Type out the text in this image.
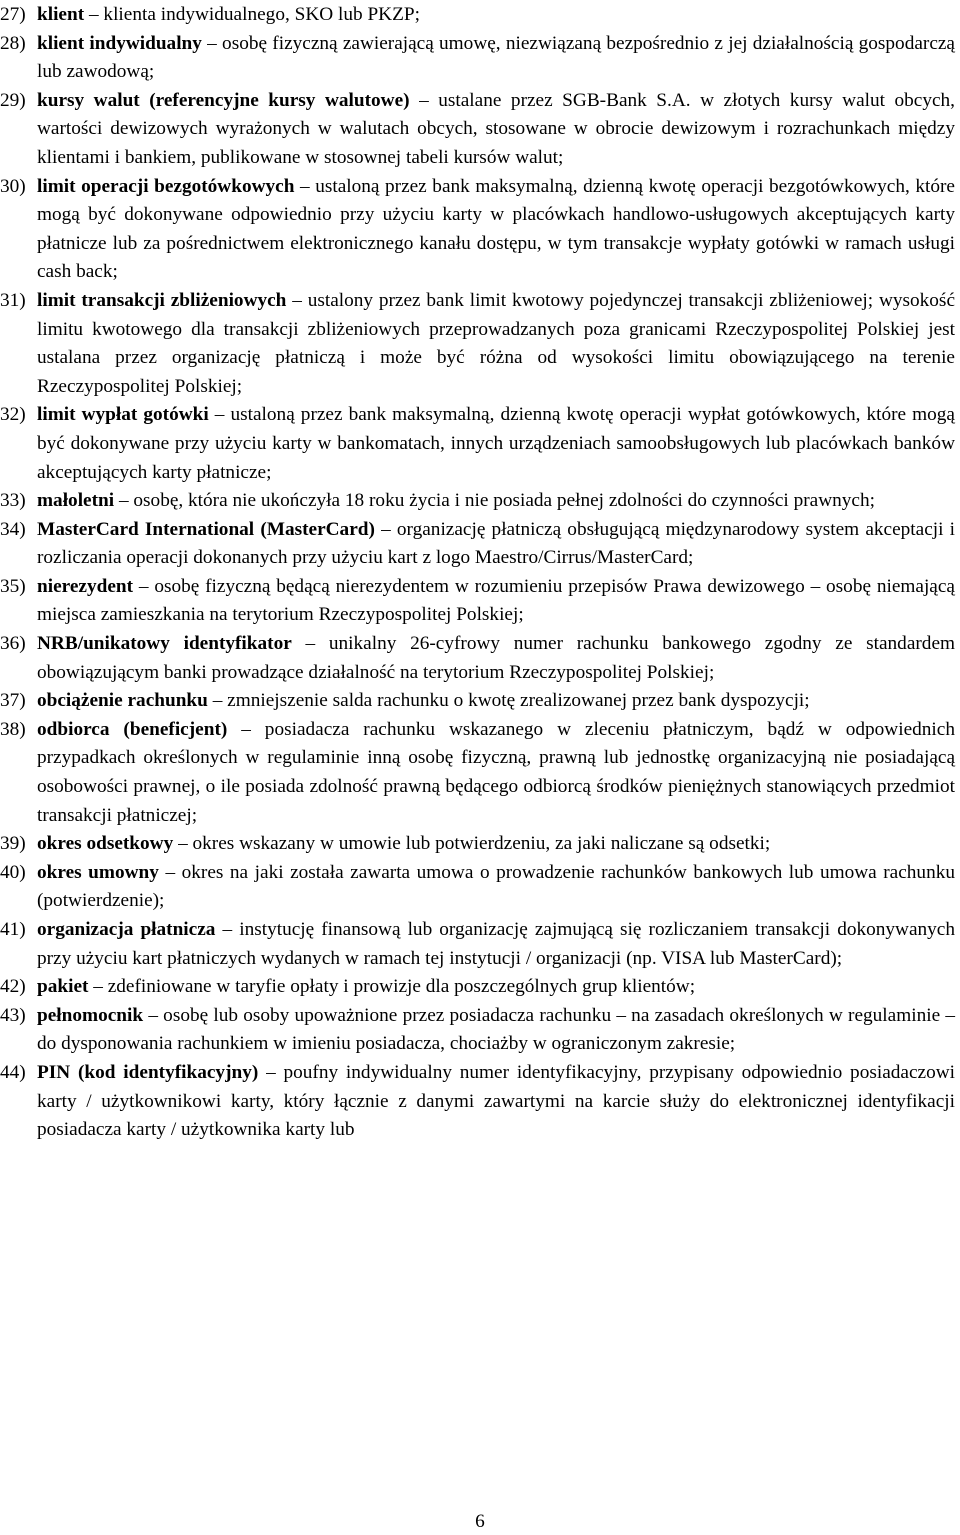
27) klient – klienta indywidualnego, SKO lub PKZP;
28) klient indywidualny – osobę fizyczną zawierającą umowę, niezwiązaną bezpośrednio z jej działalnością gospodarczą lub zawodową;
29) kursy walut (referencyjne kursy walutowe) – ustalane przez SGB-Bank S.A. w złotych kursy walut obcych, wartości dewizowych wyrażonych w walutach obcych, stosowane w obrocie dewizowym i rozrachunkach między klientami i bankiem, publikowane w stosownej tabeli kursów walut;
30) limit operacji bezgotówkowych – ustaloną przez bank maksymalną, dzienną kwotę operacji bezgotówkowych, które mogą być dokonywane odpowiednio przy użyciu karty w placówkach handlowo-usługowych akceptujących karty płatnicze lub za pośrednictwem elektronicznego kanału dostępu, w tym transakcje wypłaty gotówki w ramach usługi cash back;
31) limit transakcji zbliżeniowych – ustalony przez bank limit kwotowy pojedynczej transakcji zbliżeniowej; wysokość limitu kwotowego dla transakcji zbliżeniowych przeprowadzanych poza granicami Rzeczypospolitej Polskiej jest ustalana przez organizację płatniczą i może być różna od wysokości limitu obowiązującego na terenie Rzeczypospolitej Polskiej;
32) limit wypłat gotówki – ustaloną przez bank maksymalną, dzienną kwotę operacji wypłat gotówkowych, które mogą być dokonywane przy użyciu karty w bankomatach, innych urządzeniach samoobsługowych lub placówkach banków akceptujących karty płatnicze;
33) małoletni – osobę, która nie ukończyła 18 roku życia i nie posiada pełnej zdolności do czynności prawnych;
34) MasterCard International (MasterCard) – organizację płatniczą obsługującą międzynarodowy system akceptacji i rozliczania operacji dokonanych przy użyciu kart z logo Maestro/Cirrus/MasterCard;
35) nierezydent – osobę fizyczną będącą nierezydentem w rozumieniu przepisów Prawa dewizowego – osobę niemającą miejsca zamieszkania na terytorium Rzeczypospolitej Polskiej;
36) NRB/unikatowy identyfikator – unikalny 26-cyfrowy numer rachunku bankowego zgodny ze standardem obowiązującym banki prowadzące działalność na terytorium Rzeczypospolitej Polskiej;
37) obciążenie rachunku – zmniejszenie salda rachunku o kwotę zrealizowanej przez bank dyspozycji;
38) odbiorca (beneficjent) – posiadacza rachunku wskazanego w zleceniu płatniczym, bądź w odpowiednich przypadkach określonych w regulaminie inną osobę fizyczną, prawną lub jednostkę organizacyjną nie posiadającą osobowości prawnej, o ile posiada zdolność prawną będącego odbiorcą środków pieniężnych stanowiących przedmiot transakcji płatniczej;
39) okres odsetkowy – okres wskazany w umowie lub potwierdzeniu, za jaki naliczane są odsetki;
40) okres umowny – okres na jaki została zawarta umowa o prowadzenie rachunków bankowych lub umowa rachunku (potwierdzenie);
41) organizacja płatnicza – instytucję finansową lub organizację zajmującą się rozliczaniem transakcji dokonywanych przy użyciu kart płatniczych wydanych w ramach tej instytucji / organizacji (np. VISA lub MasterCard);
42) pakiet – zdefiniowane w taryfie opłaty i prowizje dla poszczególnych grup klientów;
43) pełnomocnik – osobę lub osoby upoważnione przez posiadacza rachunku – na zasadach określonych w regulaminie – do dysponowania rachunkiem w imieniu posiadacza, chociażby w ograniczonym zakresie;
44) PIN (kod identyfikacyjny) – poufny indywidualny numer identyfikacyjny, przypisany odpowiednio posiadaczowi karty / użytkownikowi karty, który łącznie z danymi zawartymi na karcie służy do elektronicznej identyfikacji posiadacza karty / użytkownika karty lub
6
